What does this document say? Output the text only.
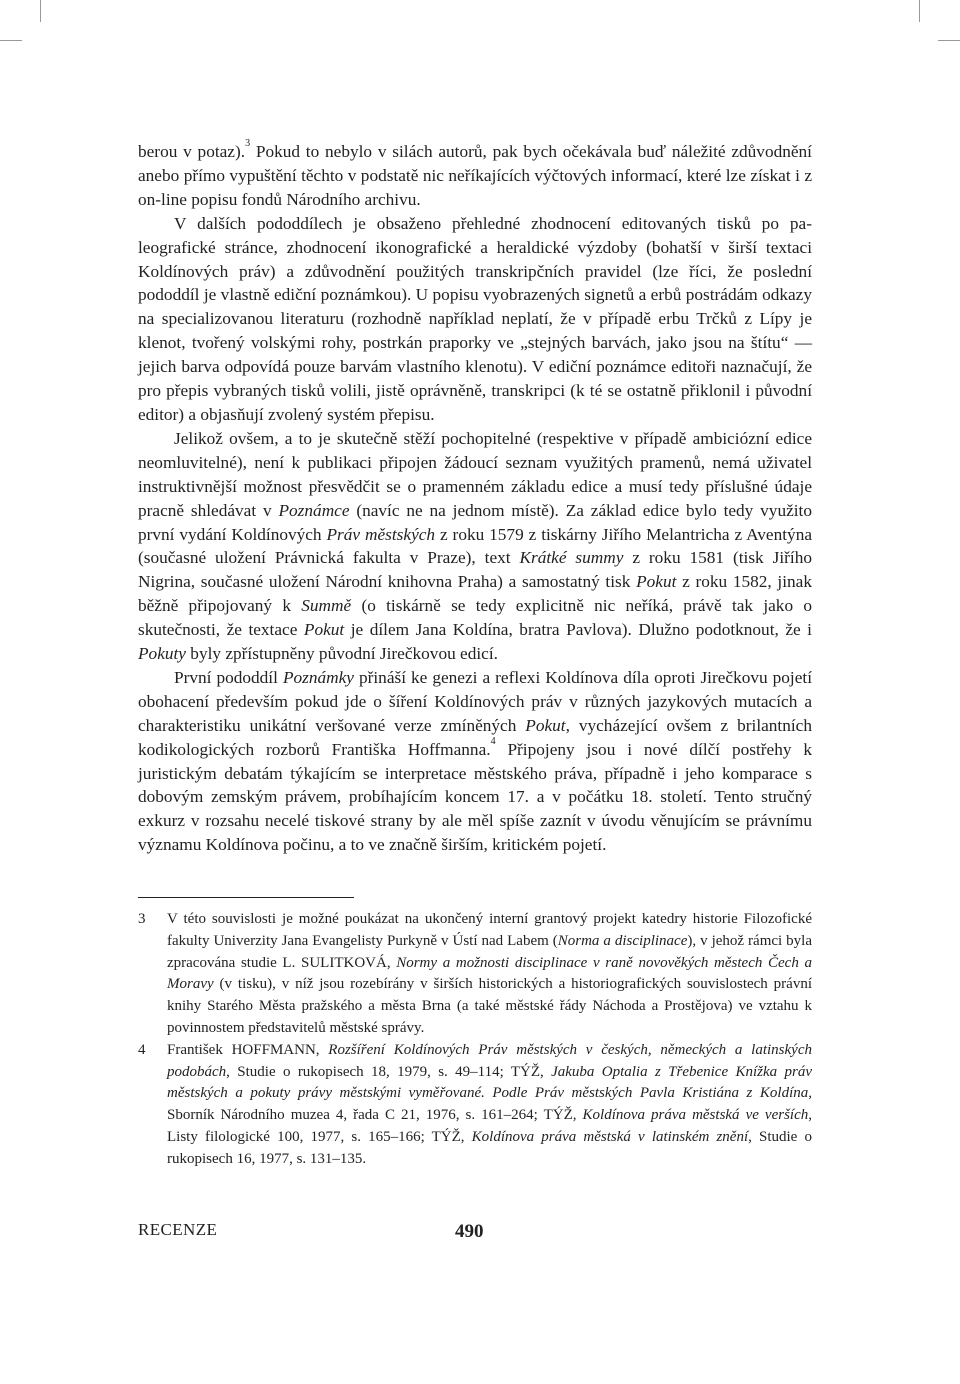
berou v potaz).$^3$ Pokud to nebylo v silách autorů, pak bych očekávala buď náležité zdůvodnění anebo přímo vypuštění těchto v podstatě nic neříkajících výčtových informací, které lze získat i z on-line popisu fondů Národního archivu.

V dalších pododdílech je obsaženo přehledné zhodnocení editovaných tisků po paleografické stránce, zhodnocení ikonografické a heraldické výzdoby (bohatší v širší textaci Koldínových práv) a zdůvodnění použitých transkripčních pravidel (lze říci, že poslední pododdíl je vlastně ediční poznámkou). U popisu vyobrazených signetů a erbů postrádám odkazy na specializovanou literaturu (rozhodně například neplatí, že v případě erbu Trčků z Lípy je klenot, tvořený volskými rohy, postrkán praporky ve „stejných barvách, jako jsou na štítu“ — jejich barva odpovídá pouze barvám vlastního klenotu). V ediční poznámce editoři naznačují, že pro přepis vybraných tisků volili, jistě oprávněně, transkripci (k té se ostatně přiklonil i původní editor) a objasňují zvolený systém přepisu.

Jelikož ovšem, a to je skutečně stěží pochopitelné (respektive v případě ambiciózní edice neomluvitelné), není k publikaci připojen žádoucí seznam využitých pramenů, nemá uživatel instruktivnější možnost přesvědčit se o pramenném základu edice a musí tedy příslušné údaje pracně shledávat v Poznámce (navíc ne na jednom místě). Za základ edice bylo tedy využito první vydání Koldínových Práv městských z roku 1579 z tiskárny Jiřího Melantricha z Aventýna (současné uložení Právnická fakulta v Praze), text Krátké summy z roku 1581 (tisk Jiřího Nigrina, současné uložení Národní knihovna Praha) a samostatný tisk Pokut z roku 1582, jinak běžně připojovaný k Summě (o tiskárně se tedy explicitně nic neříká, právě tak jako o skutečnosti, že textace Pokut je dílem Jana Koldína, bratra Pavlova). Dlužno podotknout, že i Pokuty byly zpřístupněny původní Jirečkovou edicí.

První pododdíl Poznámky přináší ke genezi a reflexi Koldínova díla oproti Jirečkovu pojetí obohacení především pokud jde o šíření Koldínových práv v různých jazykových mutacích a charakteristiku unikátní veršované verze zmíněných Pokut, vycházející ovšem z brilantních kodikologických rozborů Františka Hoffmanna.$^4$ Připojeny jsou i nové dílčí postřehy k juristickým debatám týkajícím se interpretace městského práva, případně i jeho komparace s dobovým zemským právem, probíhajícím koncem 17. a v počátku 18. století. Tento stručný exkurz v rozsahu necelé tiskové strany by ale měl spíše zaznít v úvodu věnujícím se právnímu významu Koldínova počinu, a to ve značně širším, kritickém pojetí.

3 V této souvislosti je možné poukázat na ukončený interní grantový projekt katedry historie Filozofické fakulty Univerzity Jana Evangelisty Purkyně v Ústí nad Labem (Norma a disciplinace), v jehož rámci byla zpracována studie L. SULITKOVÁ, Normy a možnosti disciplinace v raně novověkých městech Čech a Moravy (v tisku), v níž jsou rozebírány v širších historických a historiografických souvislostech právní knihy Starého Města pražského a města Brna (a také městské řády Náchoda a Prostějova) ve vztahu k povinnostem představitelů městské správy.
4 František HOFFMANN, Rozšíření Koldínových Práv městských v českých, německých a latinských podobách, Studie o rukopisech 18, 1979, s. 49–114; TÝŽ, Jakuba Optalia z Třebenice Knížka práv městských a pokuty právy městskými vyměřované. Podle Práv městských Pavla Kristiána z Koldína, Sborník Národního muzea 4, řada C 21, 1976, s. 161–264; TÝŽ, Koldínova práva městská ve verších, Listy filologické 100, 1977, s. 165–166; TÝŽ, Koldínova práva městská v latinském znění, Studie o rukopisech 16, 1977, s. 131–135.
RECENZE	490
